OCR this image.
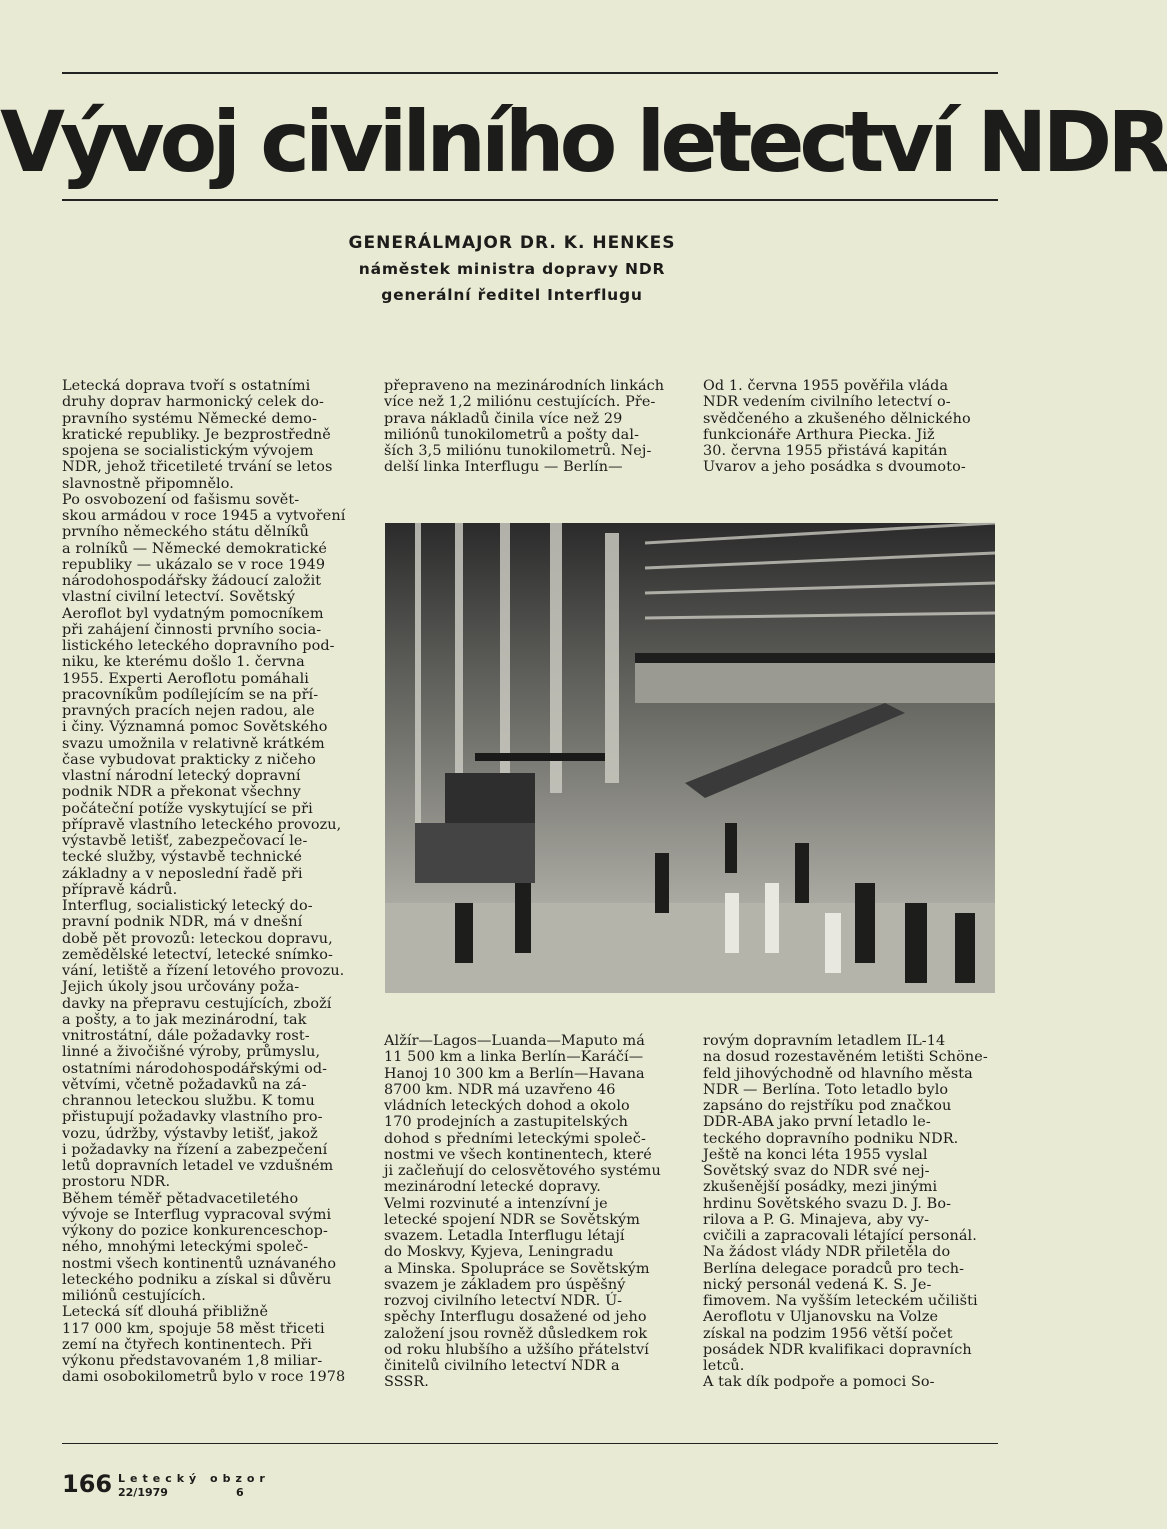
Vývoj civilního letectví NDR
GENERÁLMAJOR DR. K. HENKES
náměstek ministra dopravy NDR
generální ředitel Interflugu
Letecká doprava tvoří s ostatními
druhy doprav harmonický celek do-
pravního systému Německé demo-
kratické republiky. Je bezprostředně
spojena se socialistickým vývojem
NDR, jehož třicetileté trvání se letos
slavnostně připomnělo.
Po osvobození od fašismu sovět-
skou armádou v roce 1945 a vytvoření
prvního německého státu dělníků
a rolníků — Německé demokratické
republiky — ukázalo se v roce 1949
národohospodářsky žádoucí založit
vlastní civilní letectví. Sovětský
Aeroflot byl vydatným pomocníkem
při zahájení činnosti prvního socia-
listického leteckého dopravního pod-
niku, ke kterému došlo 1. června
1955. Experti Aeroflotu pomáhali
pracovníkům podílejícím se na pří-
pravných pracích nejen radou, ale
i činy. Významná pomoc Sovětského
svazu umožnila v relativně krátkém
čase vybudovat prakticky z ničeho
vlastní národní letecký dopravní
podnik NDR a překonat všechny
počáteční potíže vyskytující se při
přípravě vlastního leteckého provozu,
výstavbě letišť, zabezpečovací le-
tecké služby, výstavbě technické
základny a v neposlední řadě při
přípravě kádrů.
Interflug, socialistický letecký do-
pravní podnik NDR, má v dnešní
době pět provozů: leteckou dopravu,
zemědělské letectví, letecké snímko-
vání, letiště a řízení letového provozu.
Jejich úkoly jsou určovány poža-
davky na přepravu cestujících, zboží
a pošty, a to jak mezinárodní, tak
vnitrostátní, dále požadavky rost-
linné a živočišné výroby, průmyslu,
ostatními národohospodářskými od-
větvími, včetně požadavků na zá-
chrannou leteckou službu. K tomu
přistupují požadavky vlastního pro-
vozu, údržby, výstavby letišť, jakož
i požadavky na řízení a zabezpečení
letů dopravních letadel ve vzdušném
prostoru NDR.
Během téměř pětadvacetiletého
vývoje se Interflug vypracoval svými
výkony do pozice konkurenceschop-
ného, mnohými leteckými společ-
nostmi všech kontinentů uznávaného
leteckého podniku a získal si důvěru
miliónů cestujících.
Letecká síť dlouhá přibližně
117 000 km, spojuje 58 měst třiceti
zemí na čtyřech kontinentech. Při
výkonu představovaném 1,8 miliar-
dami osobokilometrů bylo v roce 1978
přepraveno na mezinárodních linkách
více než 1,2 miliónu cestujících. Pře-
prava nákladů činila více než 29
miliónů tunokilometrů a pošty dal-
ších 3,5 miliónu tunokilometrů. Nej-
delší linka Interflugu — Berlín—
Od 1. června 1955 pověřila vláda
NDR vedením civilního letectví o-
svědčeného a zkušeného dělnického
funkcionáře Arthura Piecka. Již
30. června 1955 přistává kapitán
Uvarov a jeho posádka s dvoumoto-
Alžír—Lagos—Luanda—Maputo má
11 500 km a linka Berlín—Karáčí—
Hanoj 10 300 km a Berlín—Havana
8700 km. NDR má uzavřeno 46
vládních leteckých dohod a okolo
170 prodejních a zastupitelských
dohod s předními leteckými společ-
nostmi ve všech kontinentech, které
ji začleňují do celosvětového systému
mezinárodní letecké dopravy.
Velmi rozvinuté a intenzívní je
letecké spojení NDR se Sovětským
svazem. Letadla Interflugu létají
do Moskvy, Kyjeva, Leningradu
a Minska. Spolupráce se Sovětským
svazem je základem pro úspěšný
rozvoj civilního letectví NDR. Ú-
spěchy Interflugu dosažené od jeho
založení jsou rovněž důsledkem rok
od roku hlubšího a užšího přátelství
činitelů civilního letectví NDR a
SSSR.
rovým dopravním letadlem IL-14
na dosud rozestavěném letišti Schöne-
feld jihovýchodně od hlavního města
NDR — Berlína. Toto letadlo bylo
zapsáno do rejstříku pod značkou
DDR-ABA jako první letadlo le-
teckého dopravního podniku NDR.
Ještě na konci léta 1955 vyslal
Sovětský svaz do NDR své nej-
zkušenější posádky, mezi jinými
hrdinu Sovětského svazu D. J. Bo-
rilova a P. G. Minajeva, aby vy-
cvičili a zapracovali létající personál.
Na žádost vlády NDR přiletěla do
Berlína delegace poradců pro tech-
nický personál vedená K. S. Je-
fimovem. Na vyšším leteckém učilišti
Aeroflotu v Uljanovsku na Volze
získal na podzim 1956 větší počet
posádek NDR kvalifikaci dopravních
letců.
A tak dík podpoře a pomoci So-
166 Letecký obzor
22/1979	6
